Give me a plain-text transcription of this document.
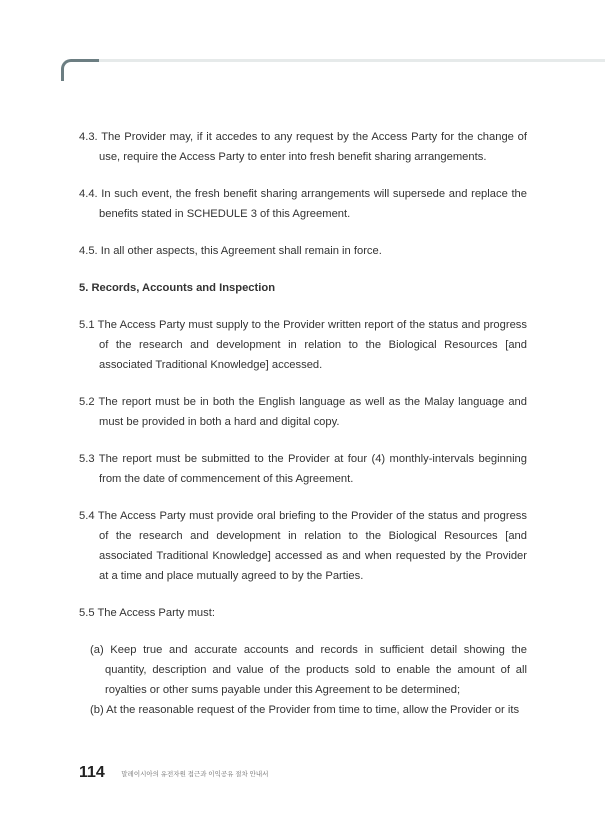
4.3. The Provider may, if it accedes to any request by the Access Party for the change of use, require the Access Party to enter into fresh benefit sharing arrangements.

4.4. In such event, the fresh benefit sharing arrangements will supersede and replace the benefits stated in SCHEDULE 3 of this Agreement.

4.5. In all other aspects, this Agreement shall remain in force.

5. Records, Accounts and Inspection

5.1 The Access Party must supply to the Provider written report of the status and progress of the research and development in relation to the Biological Resources [and associated Traditional Knowledge] accessed.

5.2 The report must be in both the English language as well as the Malay language and must be provided in both a hard and digital copy.

5.3 The report must be submitted to the Provider at four (4) monthly-intervals beginning from the date of commencement of this Agreement.

5.4 The Access Party must provide oral briefing to the Provider of the status and progress of the research and development in relation to the Biological Resources [and associated Traditional Knowledge] accessed as and when requested by the Provider at a time and place mutually agreed to by the Parties.

5.5 The Access Party must:

(a) Keep true and accurate accounts and records in sufficient detail showing the quantity, description and value of the products sold to enable the amount of all royalties or other sums payable under this Agreement to be determined;

(b) At the reasonable request of the Provider from time to time, allow the Provider or its

114	말레이시아의 유전자원 접근과 이익공유 절차 안내서
